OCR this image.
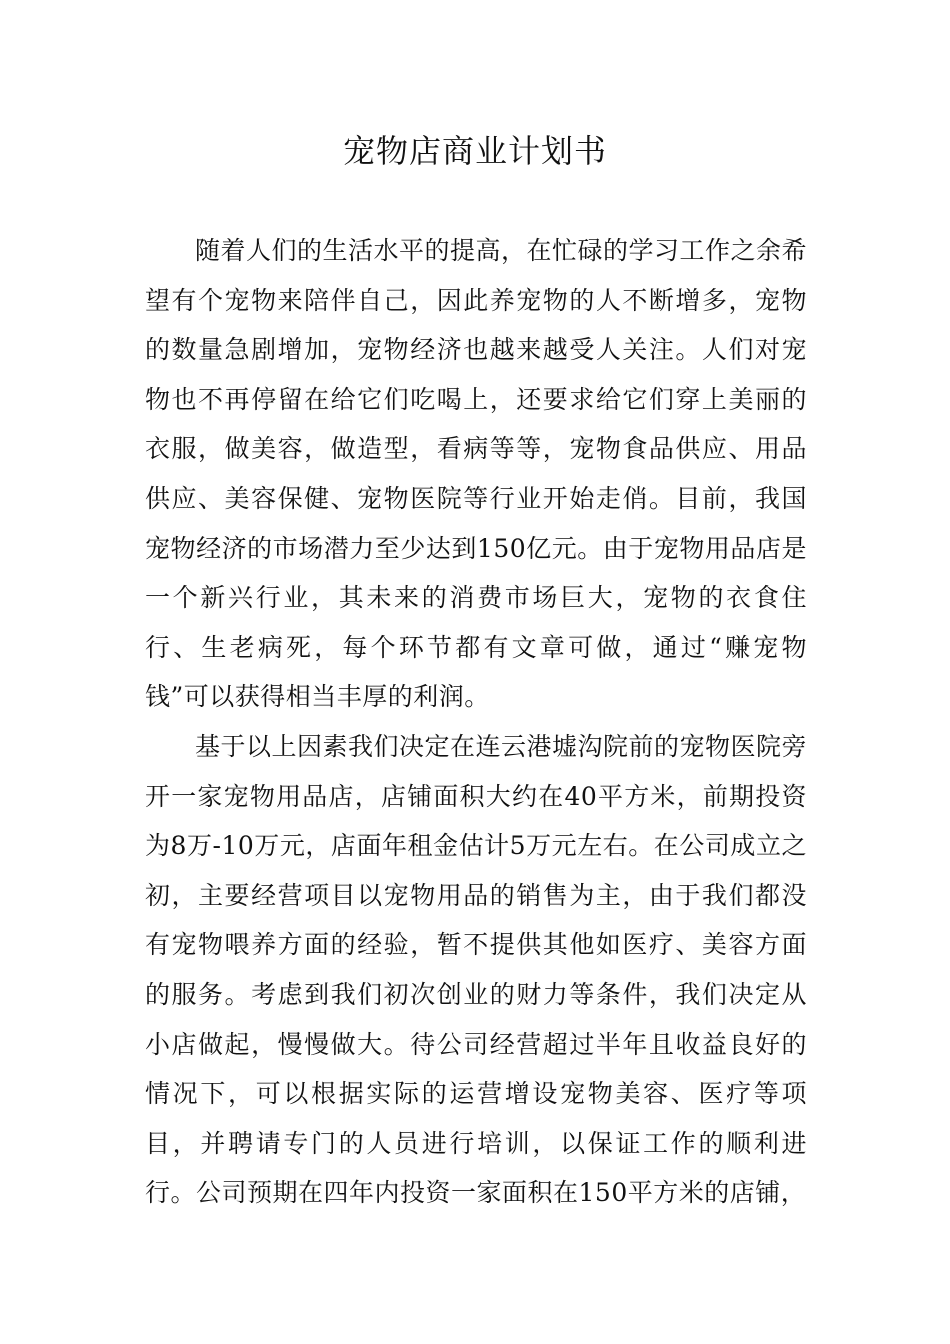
宠物店商业计划书

随着人们的生活水平的提高，在忙碌的学习工作之余希望有个宠物来陪伴自己，因此养宠物的人不断增多，宠物的数量急剧增加，宠物经济也越来越受人关注。人们对宠物也不再停留在给它们吃喝上，还要求给它们穿上美丽的衣服，做美容，做造型，看病等等，宠物食品供应、用品供应、美容保健、宠物医院等行业开始走俏。目前，我国宠物经济的市场潜力至少达到150亿元。由于宠物用品店是一个新兴行业，其未来的消费市场巨大，宠物的衣食住行、生老病死，每个环节都有文章可做，通过“赚宠物钱”可以获得相当丰厚的利润。

基于以上因素我们决定在连云港墟沟院前的宠物医院旁开一家宠物用品店，店铺面积大约在40平方米，前期投资为8万-10万元，店面年租金估计5万元左右。在公司成立之初，主要经营项目以宠物用品的销售为主，由于我们都没有宠物喂养方面的经验，暂不提供其他如医疗、美容方面的服务。考虑到我们初次创业的财力等条件，我们决定从小店做起，慢慢做大。待公司经营超过半年且收益良好的情况下，可以根据实际的运营增设宠物美容、医疗等项目，并聘请专门的人员进行培训，以保证工作的顺利进行。公司预期在四年内投资一家面积在150平方米的店铺，
